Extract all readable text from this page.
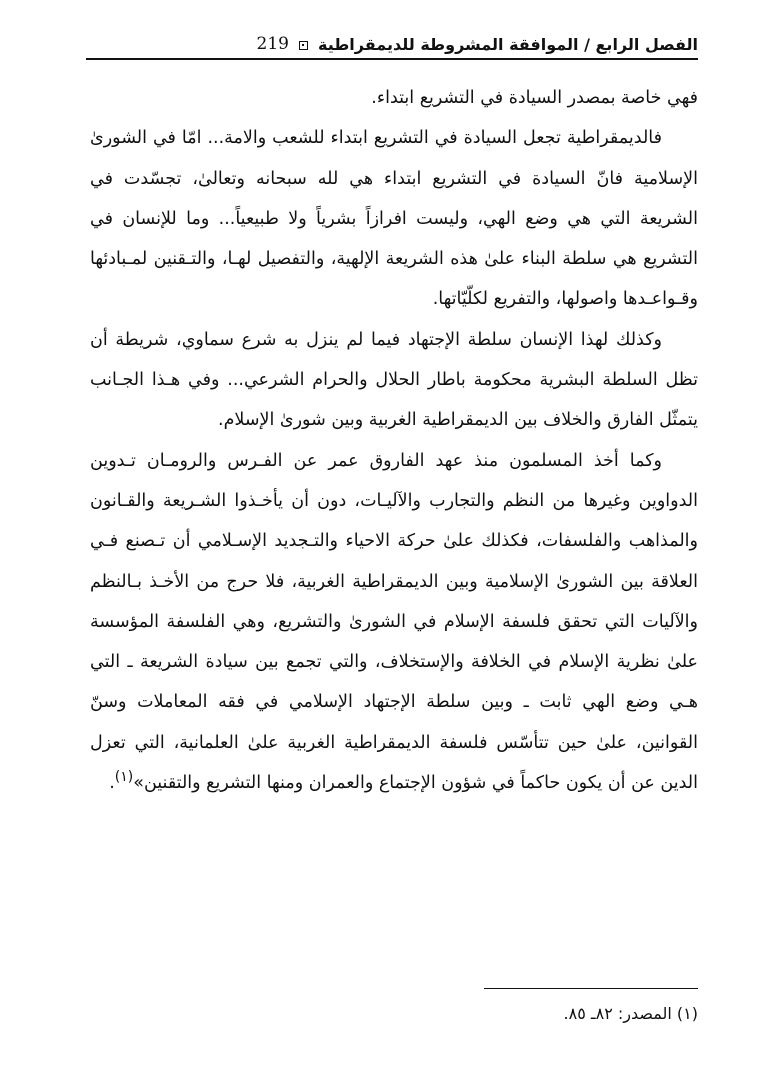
الفصل الرابع / الموافقة المشروطة للديمقراطية
219

فهي خاصة بمصدر السيادة في التشريع ابتداء.

فالديمقراطية تجعل السيادة في التشريع ابتداء للشعب والامة... امّا في الشورىٰ الإسلامية فانّ السيادة في التشريع ابتداء هي لله سبحانه وتعالىٰ، تجسّدت في الشريعة التي هي وضع الهي، وليست افرازاً بشرياً ولا طبيعياً... وما للإنسان في التشريع هي سلطة البناء علىٰ هذه الشريعة الإلهية، والتفصيل لهـا، والتـقنين لمـبادئها وقـواعـدها واصولها، والتفريع لكلّيّاتها.

وكذلك لهذا الإنسان سلطة الإجتهاد فيما لم ينزل به شرع سماوي، شريطة أن تظل السلطة البشرية محكومة باطار الحلال والحرام الشرعي... وفي هـذا الجـانب يتمثّل الفارق والخلاف بين الديمقراطية الغربية وبين شورىٰ الإسلام.

وكما أخذ المسلمون منذ عهد الفاروق عمر عن الفـرس والرومـان تـدوين الدواوين وغيرها من النظم والتجارب والآليـات، دون أن يأخـذوا الشـريعة والقـانون والمذاهب والفلسفات، فكذلك علىٰ حركة الاحياء والتـجديد الإسـلامي أن تـصنع فـي العلاقة بين الشورىٰ الإسلامية وبين الديمقراطية الغربية، فلا حرج من الأخـذ بـالنظم والآليات التي تحقق فلسفة الإسلام في الشورىٰ والتشريع، وهي الفلسفة المؤسسة علىٰ نظرية الإسلام في الخلافة والإستخلاف، والتي تجمع بين سيادة الشريعة ـ التي هـي وضع الهي ثابت ـ وبين سلطة الإجتهاد الإسلامي في فقه المعاملات وسنّ القوانين، علىٰ حين تتأسّس فلسفة الديمقراطية الغربية علىٰ العلمانية، التي تعزل الدين عن أن يكون حاكماً في شؤون الإجتماع والعمران ومنها التشريع والتقنين»$^{(١)}$.

(١) المصدر: ٨٢ـ ٨٥.
